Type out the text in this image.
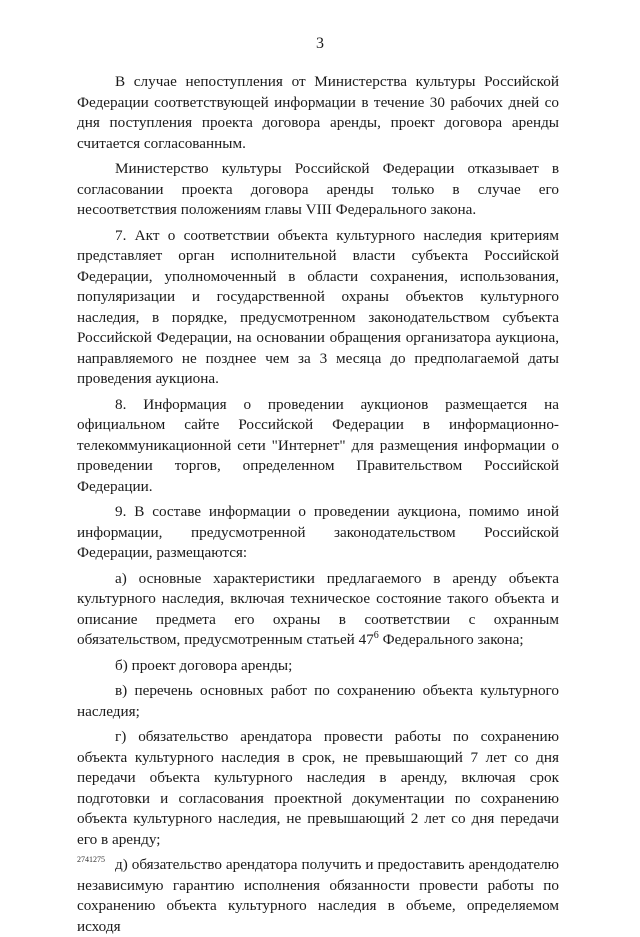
3

В случае непоступления от Министерства культуры Российской Федерации соответствующей информации в течение 30 рабочих дней со дня поступления проекта договора аренды, проект договора аренды считается согласованным.

Министерство культуры Российской Федерации отказывает в согласовании проекта договора аренды только в случае его несоответствия положениям главы VIII Федерального закона.

7. Акт о соответствии объекта культурного наследия критериям представляет орган исполнительной власти субъекта Российской Федерации, уполномоченный в области сохранения, использования, популяризации и государственной охраны объектов культурного наследия, в порядке, предусмотренном законодательством субъекта Российской Федерации, на основании обращения организатора аукциона, направляемого не позднее чем за 3 месяца до предполагаемой даты проведения аукциона.

8. Информация о проведении аукционов размещается на официальном сайте Российской Федерации в информационно-телекоммуникационной сети "Интернет" для размещения информации о проведении торгов, определенном Правительством Российской Федерации.

9. В составе информации о проведении аукциона, помимо иной информации, предусмотренной законодательством Российской Федерации, размещаются:

а) основные характеристики предлагаемого в аренду объекта культурного наследия, включая техническое состояние такого объекта и описание предмета его охраны в соответствии с охранным обязательством, предусмотренным статьей $47^6$ Федерального закона;

б) проект договора аренды;

в) перечень основных работ по сохранению объекта культурного наследия;

г) обязательство арендатора провести работы по сохранению объекта культурного наследия в срок, не превышающий 7 лет со дня передачи объекта культурного наследия в аренду, включая срок подготовки и согласования проектной документации по сохранению объекта культурного наследия, не превышающий 2 лет со дня передачи его в аренду;

д) обязательство арендатора получить и предоставить арендодателю независимую гарантию исполнения обязанности провести работы по сохранению объекта культурного наследия в объеме, определяемом исходя

2741275
